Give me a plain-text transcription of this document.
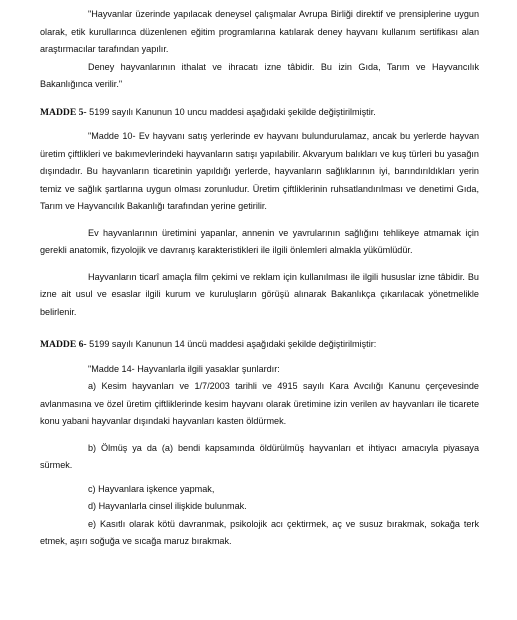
"Hayvanlar üzerinde yapılacak deneysel çalışmalar Avrupa Birliği direktif ve prensiplerine uygun olarak, etik kurullarınca düzenlenen eğitim programlarına katılarak deney hayvanı kullanım sertifikası alan araştırmacılar tarafından yapılır.

Deney hayvanlarının ithalat ve ihracatı izne tâbidir. Bu izin Gıda, Tarım ve Hayvancılık Bakanlığınca verilir."

MADDE 5- 5199 sayılı Kanunun 10 uncu maddesi aşağıdaki şekilde değiştirilmiştir.

"Madde 10- Ev hayvanı satış yerlerinde ev hayvanı bulundurulamaz, ancak bu yerlerde hayvan üretim çiftlikleri ve bakımevlerindeki hayvanların satışı yapılabilir. Akvaryum balıkları ve kuş türleri bu yasağın dışındadır. Bu hayvanların ticaretinin yapıldığı yerlerde, hayvanların sağlıklarının iyi, barındırıldıkları yerin temiz ve sağlık şartlarına uygun olması zorunludur. Üretim çiftliklerinin ruhsatlandırılması ve denetimi Gıda, Tarım ve Hayvancılık Bakanlığı tarafından yerine getirilir.

Ev hayvanlarının üretimini yapanlar, annenin ve yavrularının sağlığını tehlikeye atmamak için gerekli anatomik, fizyolojik ve davranış karakteristikleri ile ilgili önlemleri almakla yükümlüdür.

Hayvanların ticarî amaçla film çekimi ve reklam için kullanılması ile ilgili hususlar izne tâbidir. Bu izne ait usul ve esaslar ilgili kurum ve kuruluşların görüşü alınarak Bakanlıkça çıkarılacak yönetmelikle belirlenir.

MADDE 6- 5199 sayılı Kanunun 14 üncü maddesi aşağıdaki şekilde değiştirilmiştir:

"Madde 14- Hayvanlarla ilgili yasaklar şunlardır:

a) Kesim hayvanları ve 1/7/2003 tarihli ve 4915 sayılı Kara Avcılığı Kanunu çerçevesinde avlanmasına ve özel üretim çiftliklerinde kesim hayvanı olarak üretimine izin verilen av hayvanları ile ticarete konu yabani hayvanlar dışındaki hayvanları kasten öldürmek.

b) Ölmüş ya da (a) bendi kapsamında öldürülmüş hayvanları et ihtiyacı amacıyla piyasaya sürmek.

c) Hayvanlara işkence yapmak,

d) Hayvanlarla cinsel ilişkide bulunmak.

e) Kasıtlı olarak kötü davranmak, psikolojik acı çektirmek, aç ve susuz bırakmak, sokağa terk etmek, aşırı soğuğa ve sıcağa maruz bırakmak.
